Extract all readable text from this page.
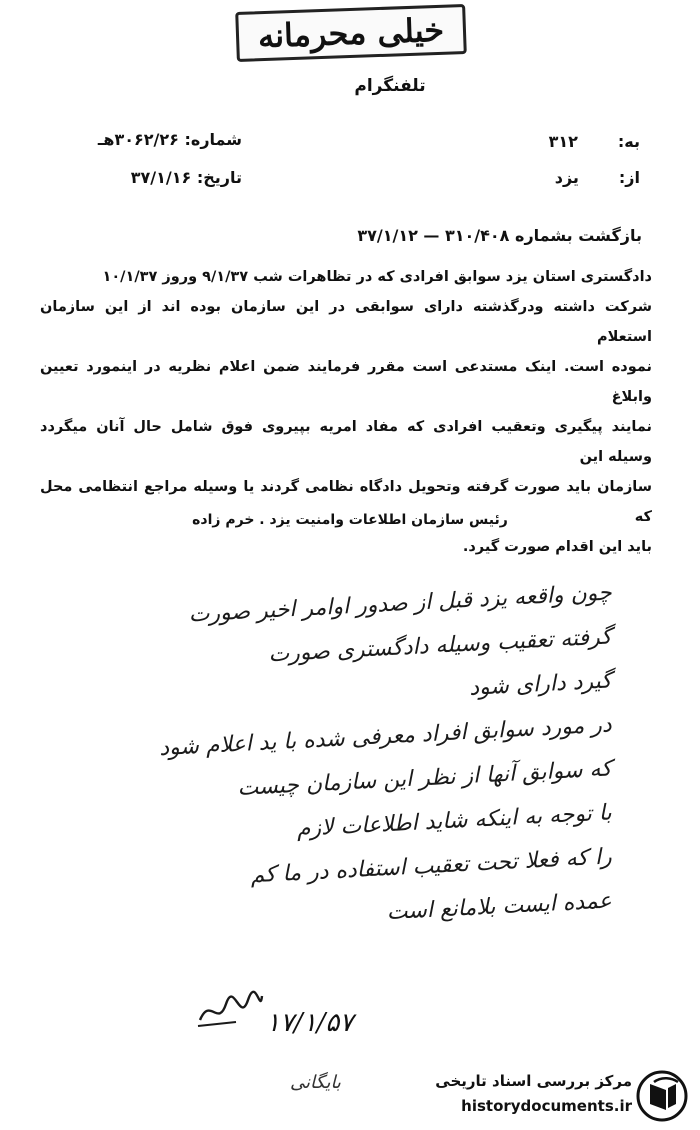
خیلی محرمانه
تلفنگرام
به:۳۱۲
از:یزد
شماره: ۳۰۶۲/۲۶هـ
تاریخ: ۳۷/۱/۱۶
بازگشت بشماره ۳۱۰/۴۰۸ — ۳۷/۱/۱۲
دادگستری استان یزد سوابق افرادی که در تظاهرات شب ۹/۱/۳۷ وروز ۱۰/۱/۳۷
شرکت داشته ودرگذشته دارای سوابقی در این سازمان بوده اند از این سازمان استعلام
نموده است. اینک مستدعی است مقرر فرمایند ضمن اعلام نظریه در اینمورد تعیین وابلاغ
نمایند پیگیری وتعقیب افرادی که مفاد امریه بپیروی فوق شامل حال آنان میگردد وسیله این
سازمان باید صورت گرفته وتحویل دادگاه نظامی گردند یا وسیله مراجع انتظامی محل که
باید این اقدام صورت گیرد.
رئیس سازمان اطلاعات وامنیت یزد . خرم زاده
چون واقعه یزد قبل از صدور اوامر اخیر صورت
گرفته تعقیب وسیله دادگستری صورت
گیرد دارای شود
در مورد سوابق افراد معرفی شده با ید اعلام شود
که سوابق آنها از نظر این سازمان چیست
با توجه به اینکه شاید اطلاعات لازم
را که فعلا تحت تعقیب استفاده در ما کم
عمده ایست بلامانع است
۱۷/۱/۵۷
بایگانی	مرکز بررسی اسناد تاریخی
historydocuments.ir
